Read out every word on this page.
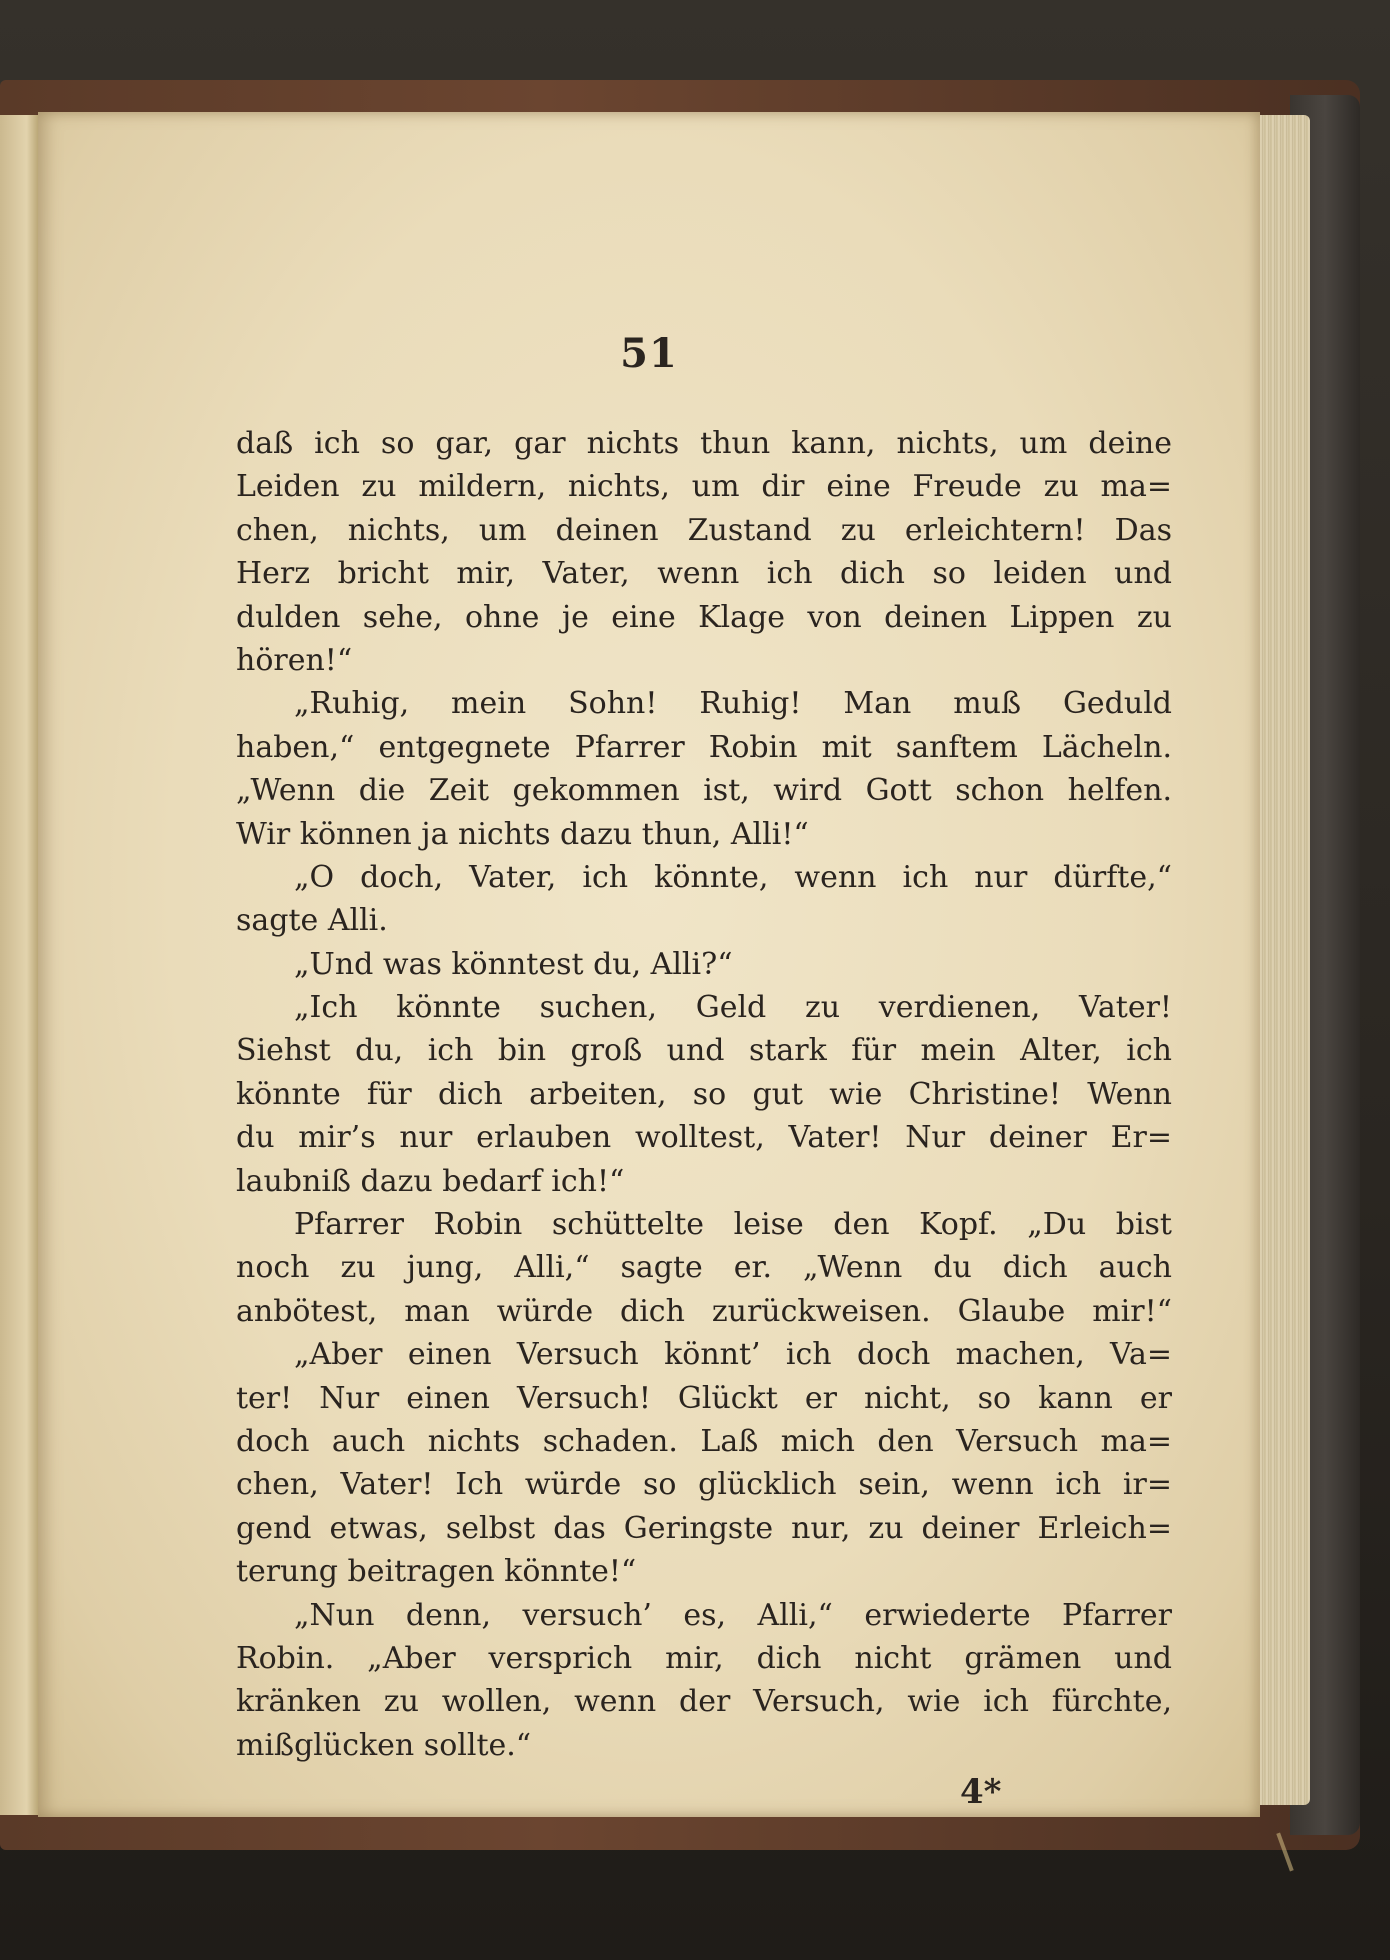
51
daß ich so gar, gar nichts thun kann, nichts, um deine
Leiden zu mildern, nichts, um dir eine Freude zu ma=
chen, nichts, um deinen Zustand zu erleichtern! Das
Herz bricht mir, Vater, wenn ich dich so leiden und
dulden sehe, ohne je eine Klage von deinen Lippen zu
hören!“
„Ruhig, mein Sohn! Ruhig! Man muß Geduld
haben,“ entgegnete Pfarrer Robin mit sanftem Lächeln.
„Wenn die Zeit gekommen ist, wird Gott schon helfen.
Wir können ja nichts dazu thun, Alli!“
„O doch, Vater, ich könnte, wenn ich nur dürfte,“
sagte Alli.
„Und was könntest du, Alli?“
„Ich könnte suchen, Geld zu verdienen, Vater!
Siehst du, ich bin groß und stark für mein Alter, ich
könnte für dich arbeiten, so gut wie Christine! Wenn
du mir’s nur erlauben wolltest, Vater! Nur deiner Er=
laubniß dazu bedarf ich!“
Pfarrer Robin schüttelte leise den Kopf. „Du bist
noch zu jung, Alli,“ sagte er. „Wenn du dich auch
anbötest, man würde dich zurückweisen. Glaube mir!“
„Aber einen Versuch könnt’ ich doch machen, Va=
ter! Nur einen Versuch! Glückt er nicht, so kann er
doch auch nichts schaden. Laß mich den Versuch ma=
chen, Vater! Ich würde so glücklich sein, wenn ich ir=
gend etwas, selbst das Geringste nur, zu deiner Erleich=
terung beitragen könnte!“
„Nun denn, versuch’ es, Alli,“ erwiederte Pfarrer
Robin. „Aber versprich mir, dich nicht grämen und
kränken zu wollen, wenn der Versuch, wie ich fürchte,
mißglücken sollte.“
4*
